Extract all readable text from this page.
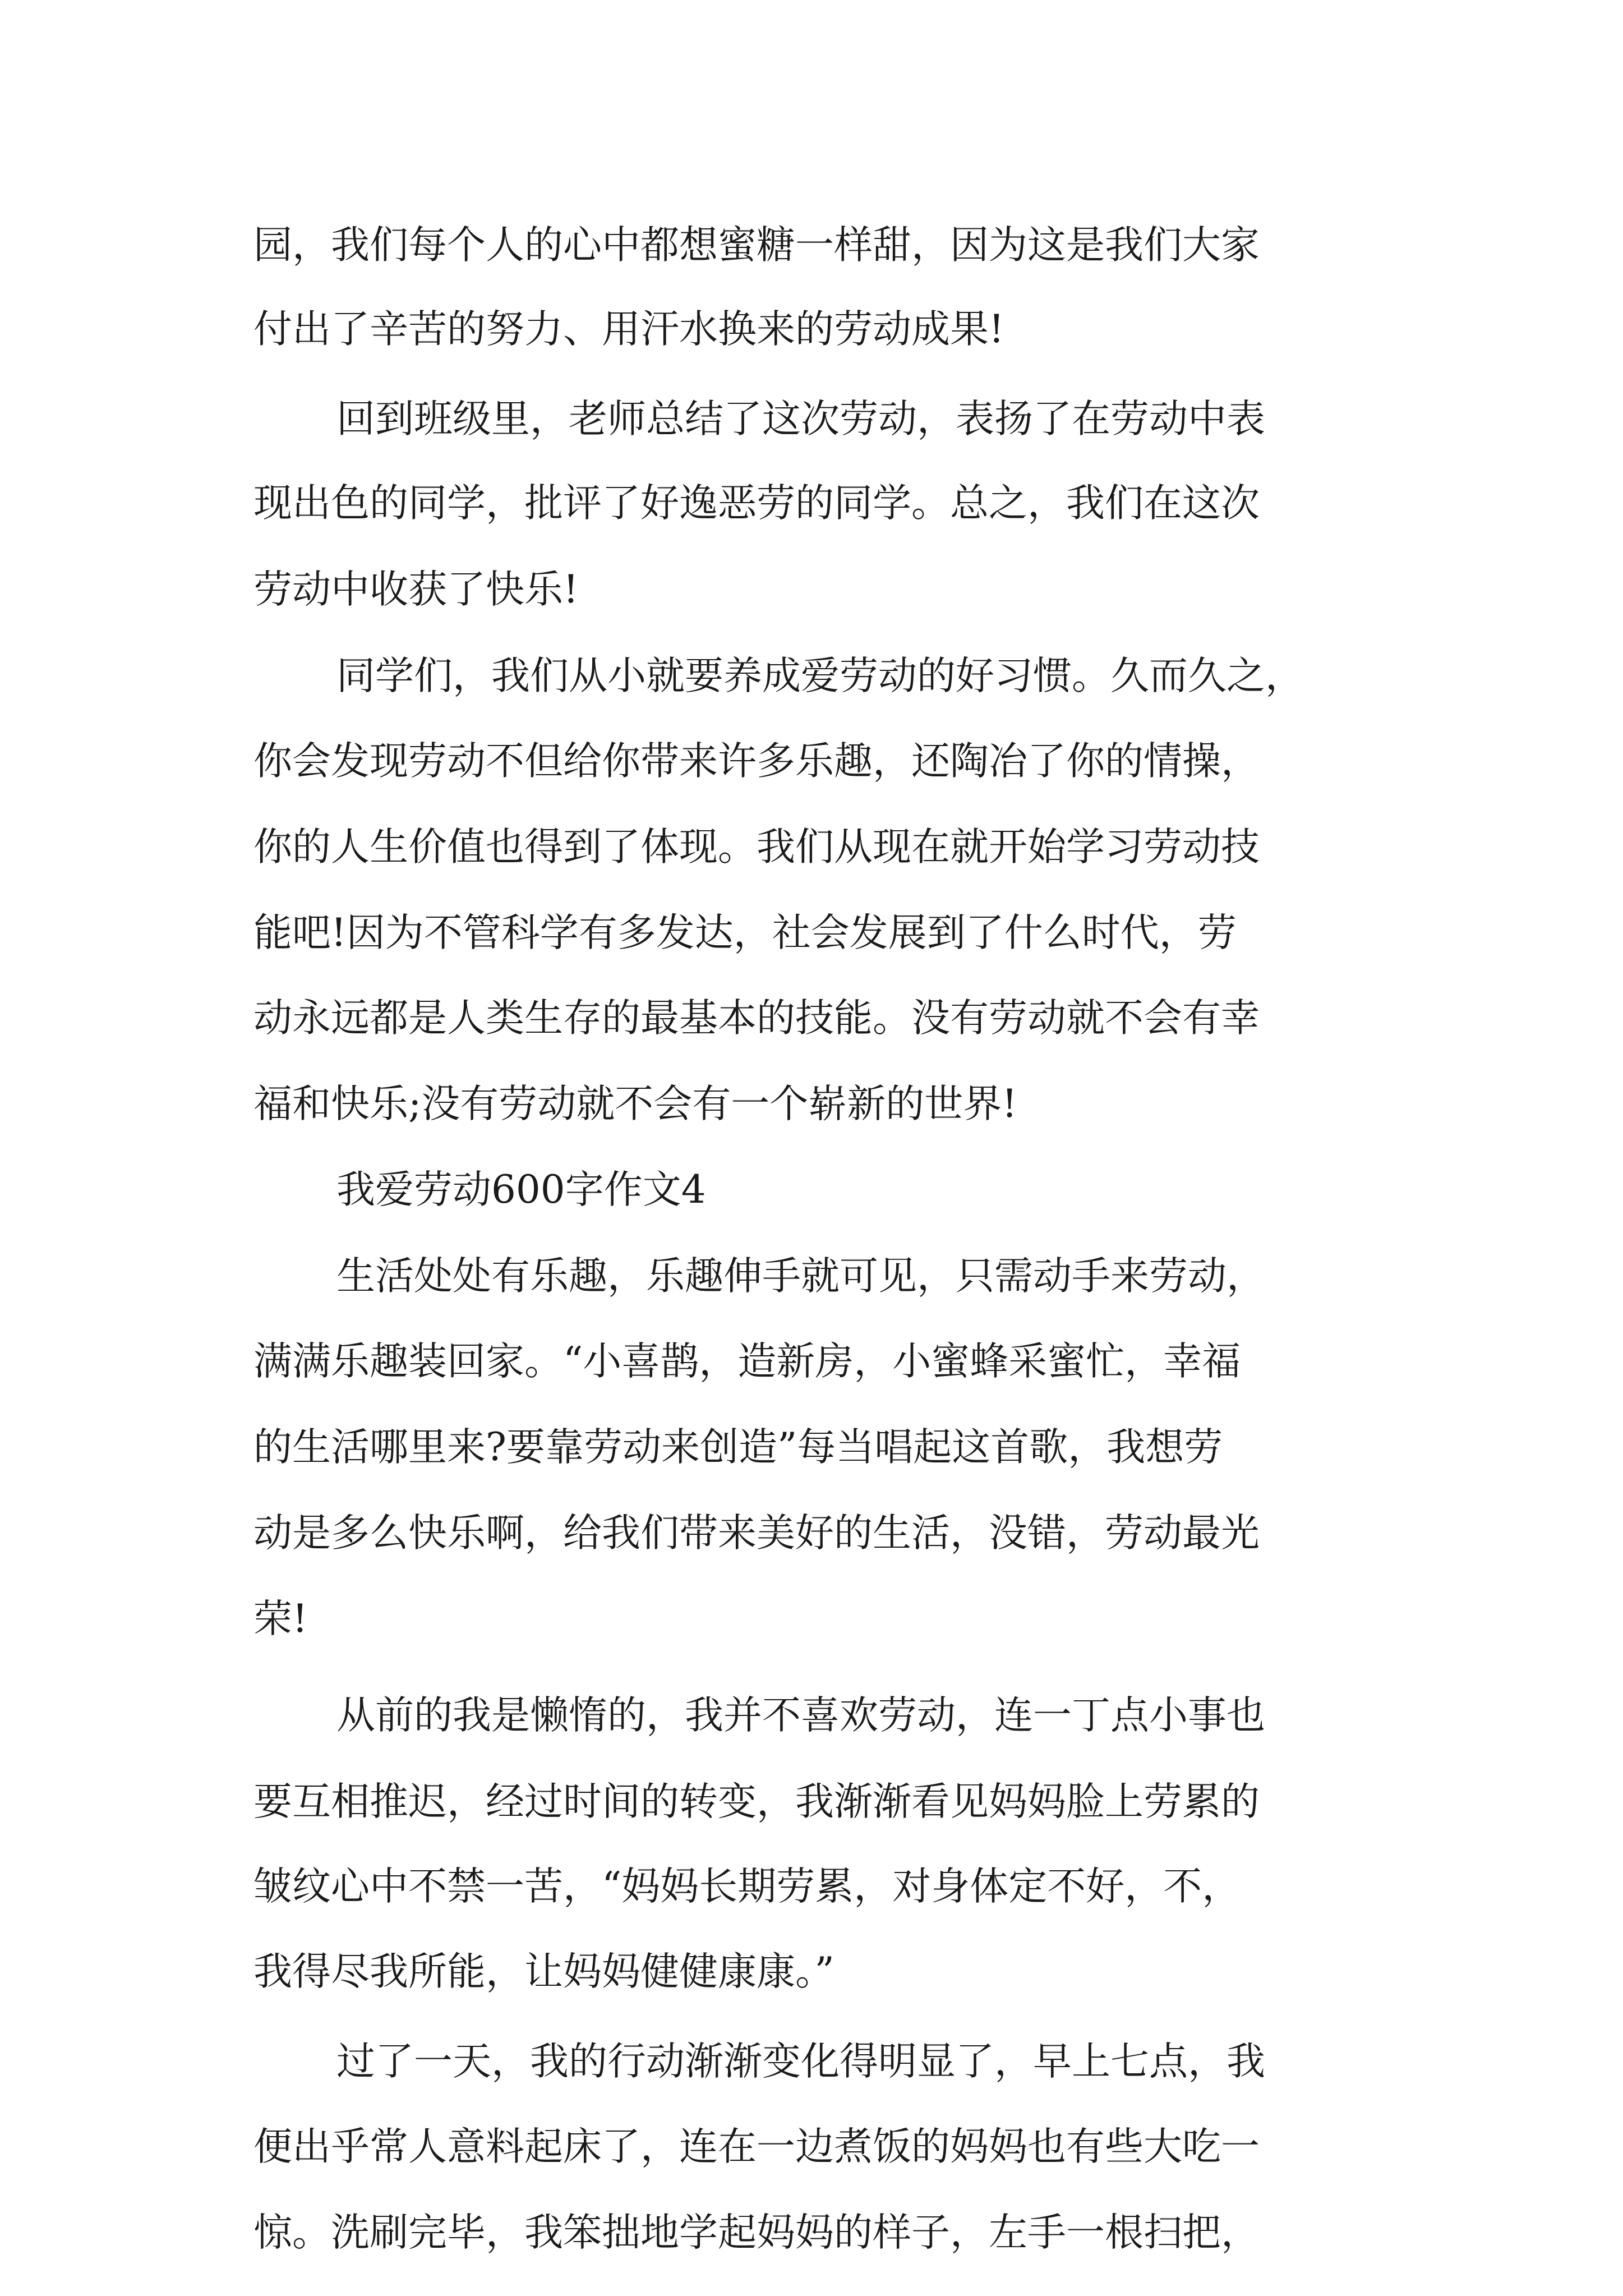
园，我们每个人的心中都想蜜糖一样甜，因为这是我们大家
付出了辛苦的努力、用汗水换来的劳动成果!
回到班级里，老师总结了这次劳动，表扬了在劳动中表
现出色的同学，批评了好逸恶劳的同学。总之，我们在这次
劳动中收获了快乐!
同学们，我们从小就要养成爱劳动的好习惯。久而久之，
你会发现劳动不但给你带来许多乐趣，还陶冶了你的情操，
你的人生价值也得到了体现。我们从现在就开始学习劳动技
能吧!因为不管科学有多发达，社会发展到了什么时代，劳
动永远都是人类生存的最基本的技能。没有劳动就不会有幸
福和快乐;没有劳动就不会有一个崭新的世界!
我爱劳动600字作文4
生活处处有乐趣，乐趣伸手就可见，只需动手来劳动，
满满乐趣装回家。“小喜鹊，造新房，小蜜蜂采蜜忙，幸福
的生活哪里来?要靠劳动来创造”每当唱起这首歌，我想劳
动是多么快乐啊，给我们带来美好的生活，没错，劳动最光
荣!
从前的我是懒惰的，我并不喜欢劳动，连一丁点小事也
要互相推迟，经过时间的转变，我渐渐看见妈妈脸上劳累的
皱纹心中不禁一苦，“妈妈长期劳累，对身体定不好，不，
我得尽我所能，让妈妈健健康康。”
过了一天，我的行动渐渐变化得明显了，早上七点，我
便出乎常人意料起床了，连在一边煮饭的妈妈也有些大吃一
惊。洗刷完毕，我笨拙地学起妈妈的样子，左手一根扫把，
